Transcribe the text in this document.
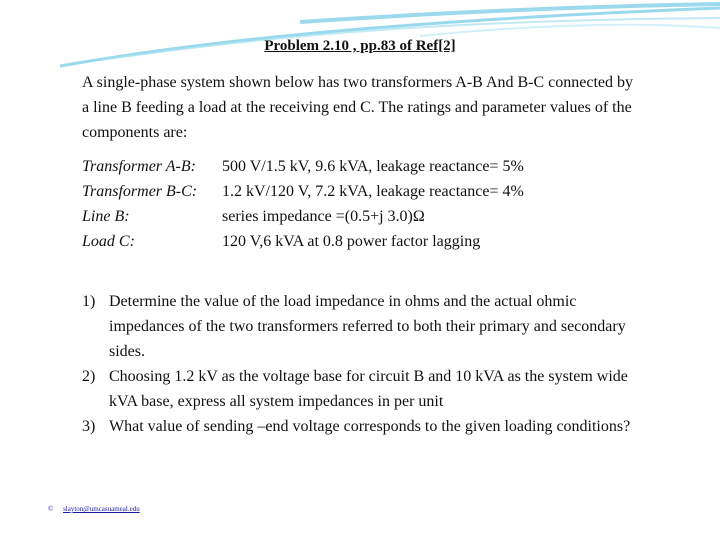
Problem 2.10 , pp.83 of Ref[2]
A single-phase system shown below has two transformers A-B And B-C connected by a line B feeding a load at the receiving end C. The ratings and parameter values of the components are:
Transformer A-B: 500 V/1.5 kV, 9.6 kVA, leakage reactance= 5%
Transformer B-C: 1.2 kV/120 V, 7.2 kVA, leakage reactance= 4%
Line B:	series impedance =(0.5+j 3.0)Ω
Load C:	120 V,6 kVA at 0.8 power factor lagging
1) Determine the value of the load impedance in ohms and the actual ohmic impedances of the two transformers referred to both their primary and secondary sides.
2) Choosing 1.2 kV as the voltage base for circuit B and 10 kVA as the system wide kVA base, express all system impedances in per unit
3) What value of sending –end voltage corresponds to the given loading conditions?
© slayton@umcasuameal.edu
